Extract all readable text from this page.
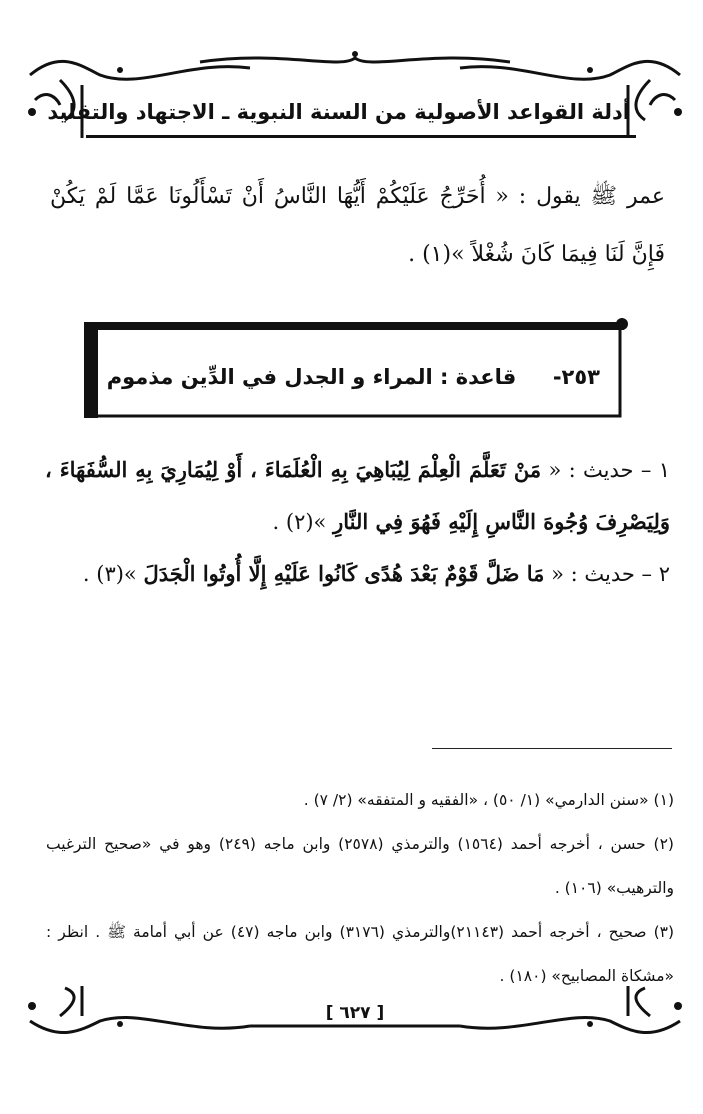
أدلة القواعد الأصولية من السنة النبوية ـ الاجتهاد والتقليد
عمر ﷺ يقول : « أُحَرِّجُ عَلَيْكُمْ أَيُّهَا النَّاسُ أَنْ تَسْأَلُونَا عَمَّا لَمْ يَكُنْ فَإِنَّ لَنَا فِيمَا كَانَ شُغْلاً »(١) .
٢٥٣-     قاعدة : المراء و الجدل في الدِّين مذموم
١ – حديث : « مَنْ تَعَلَّمَ الْعِلْمَ لِيُبَاهِيَ بِهِ الْعُلَمَاءَ ، أَوْ لِيُمَارِيَ بِهِ السُّفَهَاءَ ، وَلِيَصْرِفَ وُجُوهَ النَّاسِ إِلَيْهِ فَهُوَ فِي النَّارِ »(٢) .
٢ – حديث : « مَا ضَلَّ قَوْمٌ بَعْدَ هُدًى كَانُوا عَلَيْهِ إِلَّا أُوتُوا الْجَدَلَ »(٣) .

(١) «سنن الدارمي» (١/ ٥٠) ، «الفقيه و المتفقه» (٢/ ٧) .

(٢) حسن ، أخرجه أحمد (١٥٦٤) والترمذي (٢٥٧٨) وابن ماجه (٢٤٩) وهو في «صحيح الترغيب والترهيب» (١٠٦) .

(٣) صحيح ، أخرجه أحمد (٢١١٤٣)والترمذي (٣١٧٦) وابن ماجه (٤٧) عن أبي أمامة ﷺ . انظر : «مشكاة المصابيح» (١٨٠) .

[ ٦٢٧ ]
